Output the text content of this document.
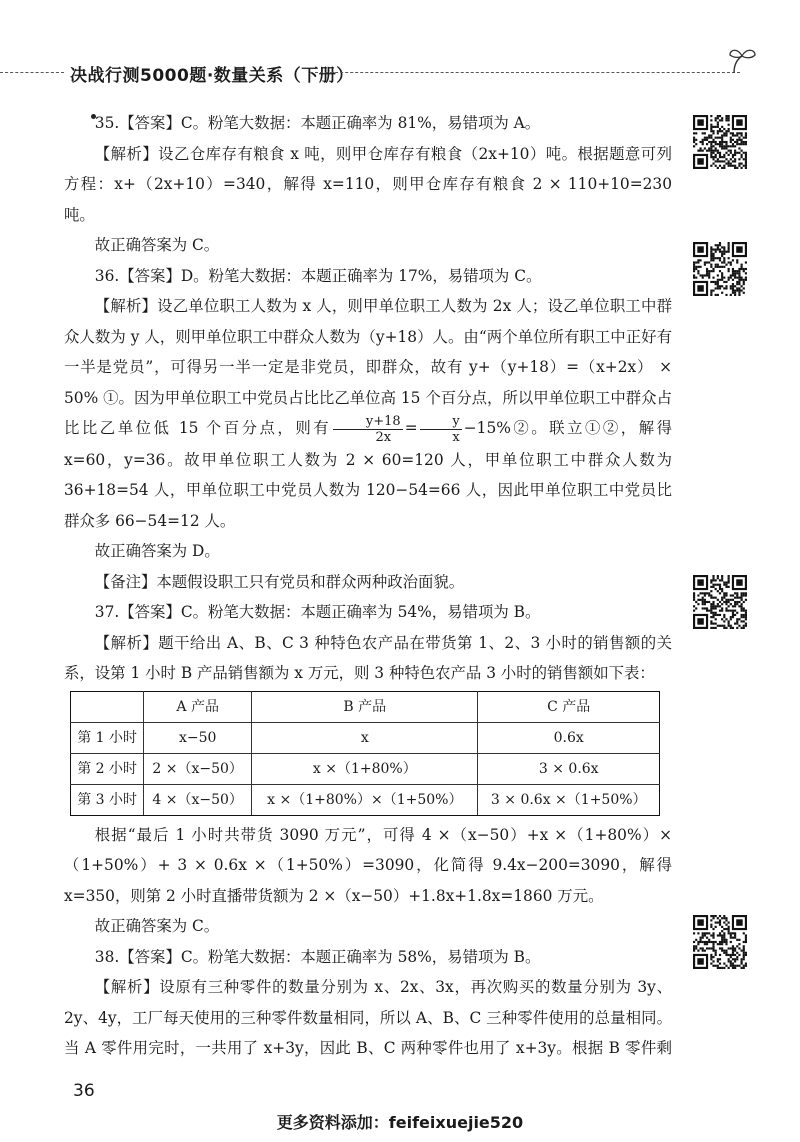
决战行测5000题·数量关系（下册）

35.【答案】C。粉笔大数据：本题正确率为 81%，易错项为 A。

【解析】设乙仓库存有粮食 x 吨，则甲仓库存有粮食（2x+10）吨。根据题意可列方程：x+（2x+10）=340，解得 x=110，则甲仓库存有粮食 2 × 110+10=230 吨。

故正确答案为 C。

36.【答案】D。粉笔大数据：本题正确率为 17%，易错项为 C。

【解析】设乙单位职工人数为 x 人，则甲单位职工人数为 2x 人；设乙单位职工中群众人数为 y 人，则甲单位职工中群众人数为（y+18）人。由“两个单位所有职工中正好有一半是党员”，可得另一半一定是非党员，即群众，故有 y+（y+18）=（x+2x） × 50% ①。因为甲单位职工中党员占比比乙单位高 15 个百分点，所以甲单位职工中群众占比比乙单位低 15 个百分点，则有 $\frac{y+18}{2x} = \frac{y}{x}$ −15%②。联立①②，解得 x=60，y=36。故甲单位职工人数为 2 × 60=120 人，甲单位职工中群众人数为 36+18=54 人，甲单位职工中党员人数为 120−54=66 人，因此甲单位职工中党员比群众多 66−54=12 人。

故正确答案为 D。

【备注】本题假设职工只有党员和群众两种政治面貌。

37.【答案】C。粉笔大数据：本题正确率为 54%，易错项为 B。

【解析】题干给出 A、B、C 3 种特色农产品在带货第 1、2、3 小时的销售额的关系，设第 1 小时 B 产品销售额为 x 万元，则 3 种特色农产品 3 小时的销售额如下表：

	A 产品	B 产品	C 产品
第 1 小时	x−50	x	0.6x
第 2 小时	2 ×（x−50）	x ×（1+80%）	3 × 0.6x
第 3 小时	4 ×（x−50）	x ×（1+80%）×（1+50%）	3 × 0.6x ×（1+50%）

根据“最后 1 小时共带货 3090 万元”，可得 4 ×（x−50）+x ×（1+80%）×（1+50%）+ 3 × 0.6x ×（1+50%）=3090，化简得 9.4x−200=3090，解得 x=350，则第 2 小时直播带货额为 2 ×（x−50）+1.8x+1.8x=1860 万元。

故正确答案为 C。

38.【答案】C。粉笔大数据：本题正确率为 58%，易错项为 B。

【解析】设原有三种零件的数量分别为 x、2x、3x，再次购买的数量分别为 3y、2y、4y，工厂每天使用的三种零件数量相同，所以 A、B、C 三种零件使用的总量相同。当 A 零件用完时，一共用了 x+3y，因此 B、C 两种零件也用了 x+3y。根据 B 零件剩

36
更多资料添加：feifeixuejie520
